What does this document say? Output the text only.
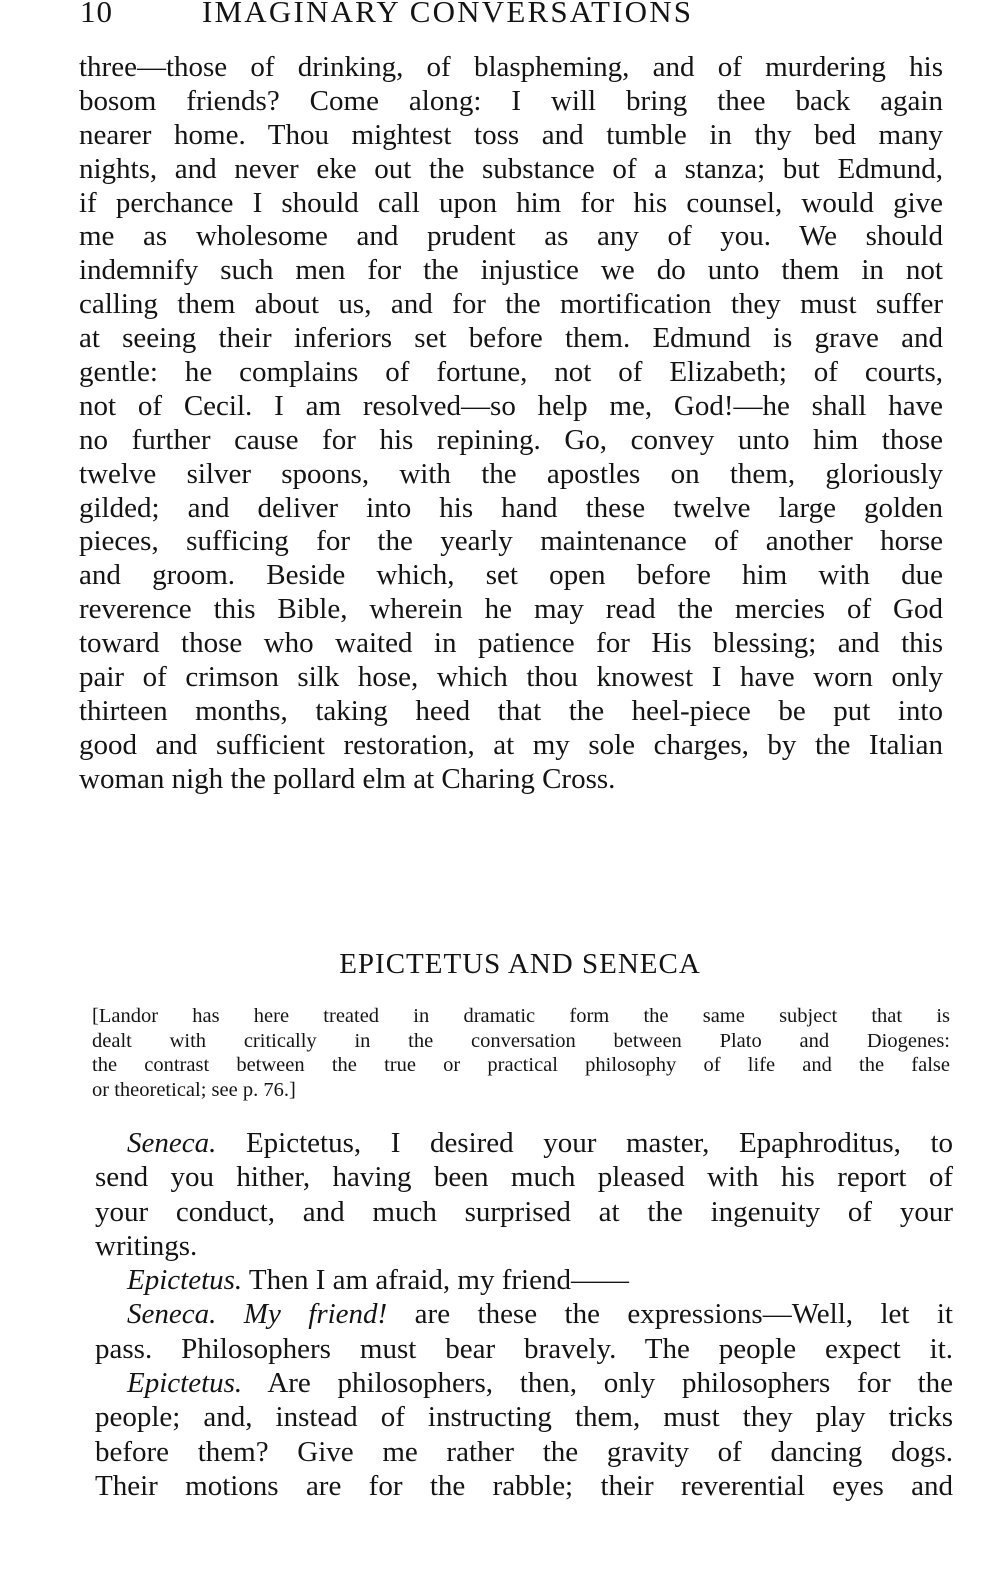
10	IMAGINARY CONVERSATIONS
three—those of drinking, of blaspheming, and of murdering his
bosom friends? Come along: I will bring thee back again
nearer home. Thou mightest toss and tumble in thy bed many
nights, and never eke out the substance of a stanza; but Edmund,
if perchance I should call upon him for his counsel, would give
me as wholesome and prudent as any of you. We should
indemnify such men for the injustice we do unto them in not
calling them about us, and for the mortification they must suffer
at seeing their inferiors set before them. Edmund is grave and
gentle: he complains of fortune, not of Elizabeth; of courts,
not of Cecil. I am resolved—so help me, God!—he shall have
no further cause for his repining. Go, convey unto him those
twelve silver spoons, with the apostles on them, gloriously
gilded; and deliver into his hand these twelve large golden
pieces, sufficing for the yearly maintenance of another horse
and groom. Beside which, set open before him with due
reverence this Bible, wherein he may read the mercies of God
toward those who waited in patience for His blessing; and this
pair of crimson silk hose, which thou knowest I have worn only
thirteen months, taking heed that the heel-piece be put into
good and sufficient restoration, at my sole charges, by the Italian
woman nigh the pollard elm at Charing Cross.
EPICTETUS AND SENECA
[Landor has here treated in dramatic form the same subject that is
dealt with critically in the conversation between Plato and Diogenes:
the contrast between the true or practical philosophy of life and the false
or theoretical; see p. 76.]
Seneca. Epictetus, I desired your master, Epaphroditus, to
send you hither, having been much pleased with his report of
your conduct, and much surprised at the ingenuity of your
writings.
Epictetus. Then I am afraid, my friend——
Seneca. My friend! are these the expressions—Well, let it
pass. Philosophers must bear bravely. The people expect it.
Epictetus. Are philosophers, then, only philosophers for the
people; and, instead of instructing them, must they play tricks
before them? Give me rather the gravity of dancing dogs.
Their motions are for the rabble; their reverential eyes and
